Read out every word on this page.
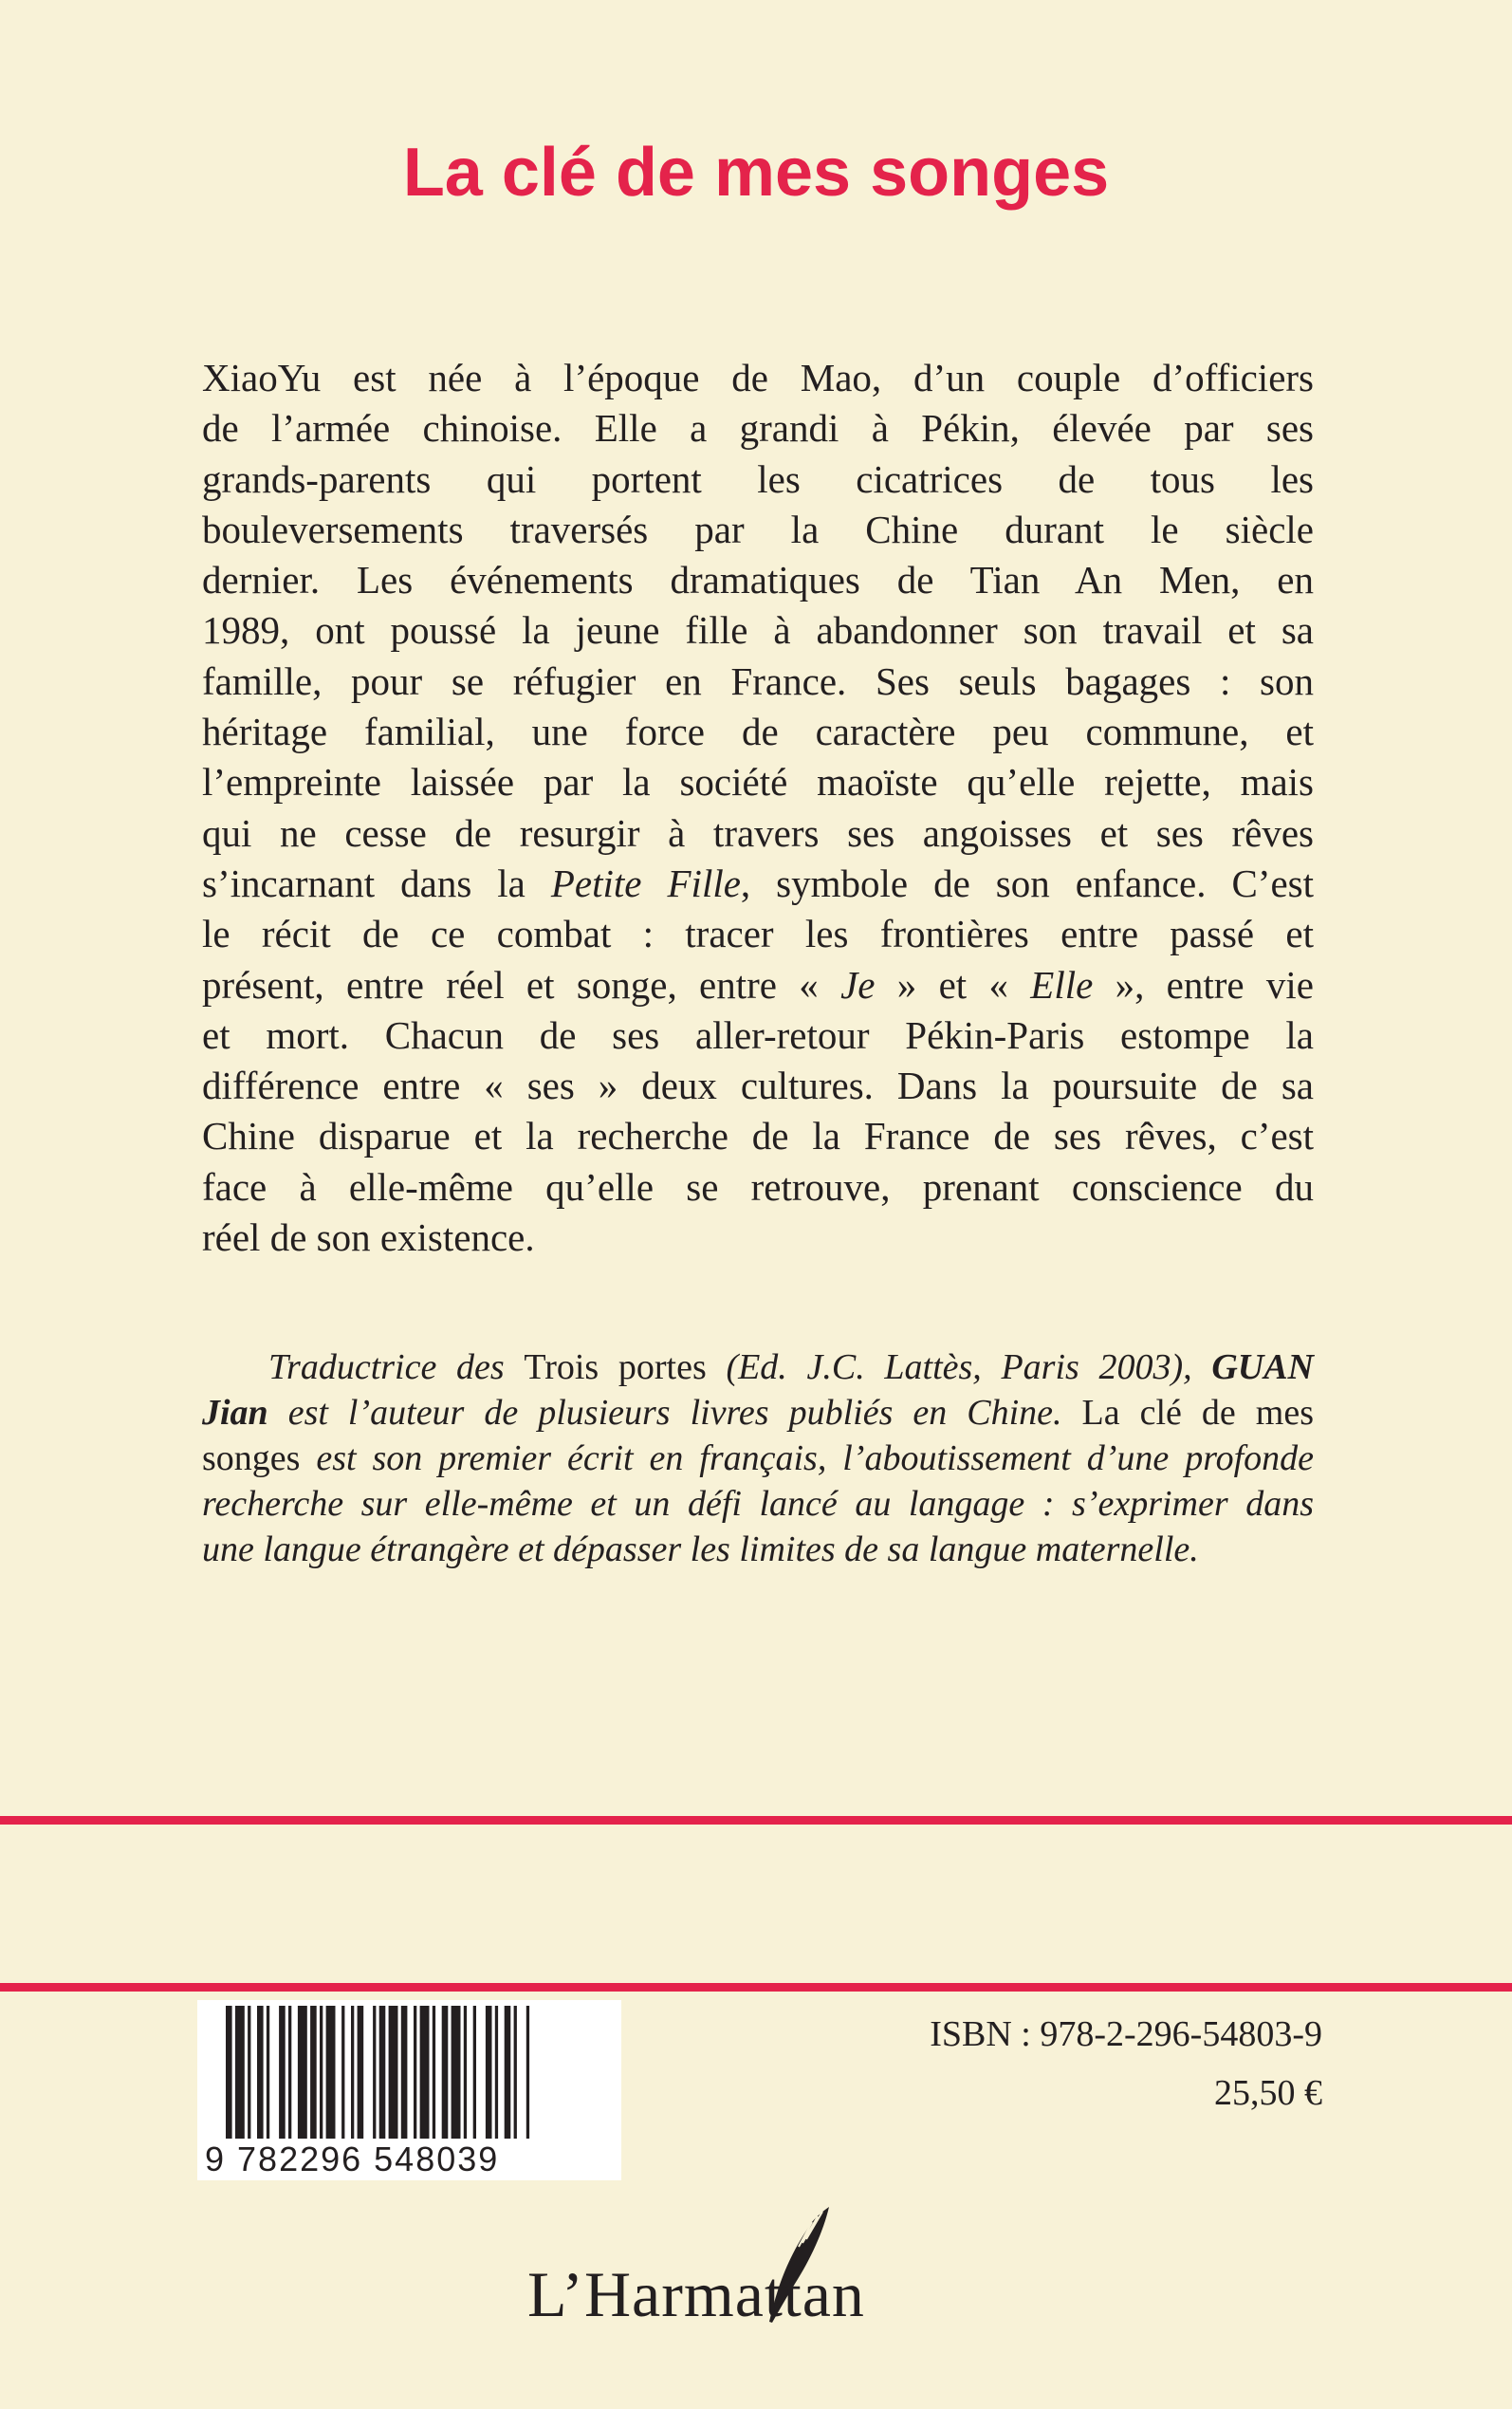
La clé de mes songes
XiaoYu est née à l’époque de Mao, d’un couple d’officiers
de l’armée chinoise. Elle a grandi à Pékin, élevée par ses
grands-parents qui portent les cicatrices de tous les
bouleversements traversés par la Chine durant le siècle
dernier. Les événements dramatiques de Tian An Men, en
1989, ont poussé la jeune fille à abandonner son travail et sa
famille, pour se réfugier en France. Ses seuls bagages : son
héritage familial, une force de caractère peu commune, et
l’empreinte laissée par la société maoïste qu’elle rejette, mais
qui ne cesse de resurgir à travers ses angoisses et ses rêves
s’incarnant dans la Petite Fille, symbole de son enfance. C’est
le récit de ce combat : tracer les frontières entre passé et
présent, entre réel et songe, entre « Je » et « Elle », entre vie
et mort. Chacun de ses aller-retour Pékin-Paris estompe la
différence entre « ses » deux cultures. Dans la poursuite de sa
Chine disparue et la recherche de la France de ses rêves, c’est
face à elle-même qu’elle se retrouve, prenant conscience du
réel de son existence.
Traductrice des Trois portes (Ed. J.C. Lattès, Paris 2003), GUAN
Jian est l’auteur de plusieurs livres publiés en Chine. La clé de mes
songes est son premier écrit en français, l’aboutissement d’une profonde
recherche sur elle-même et un défi lancé au langage : s’exprimer dans
une langue étrangère et dépasser les limites de sa langue maternelle.
9 782296 548039
ISBN : 978-2-296-54803-9
25,50 €
L’Harmattan
